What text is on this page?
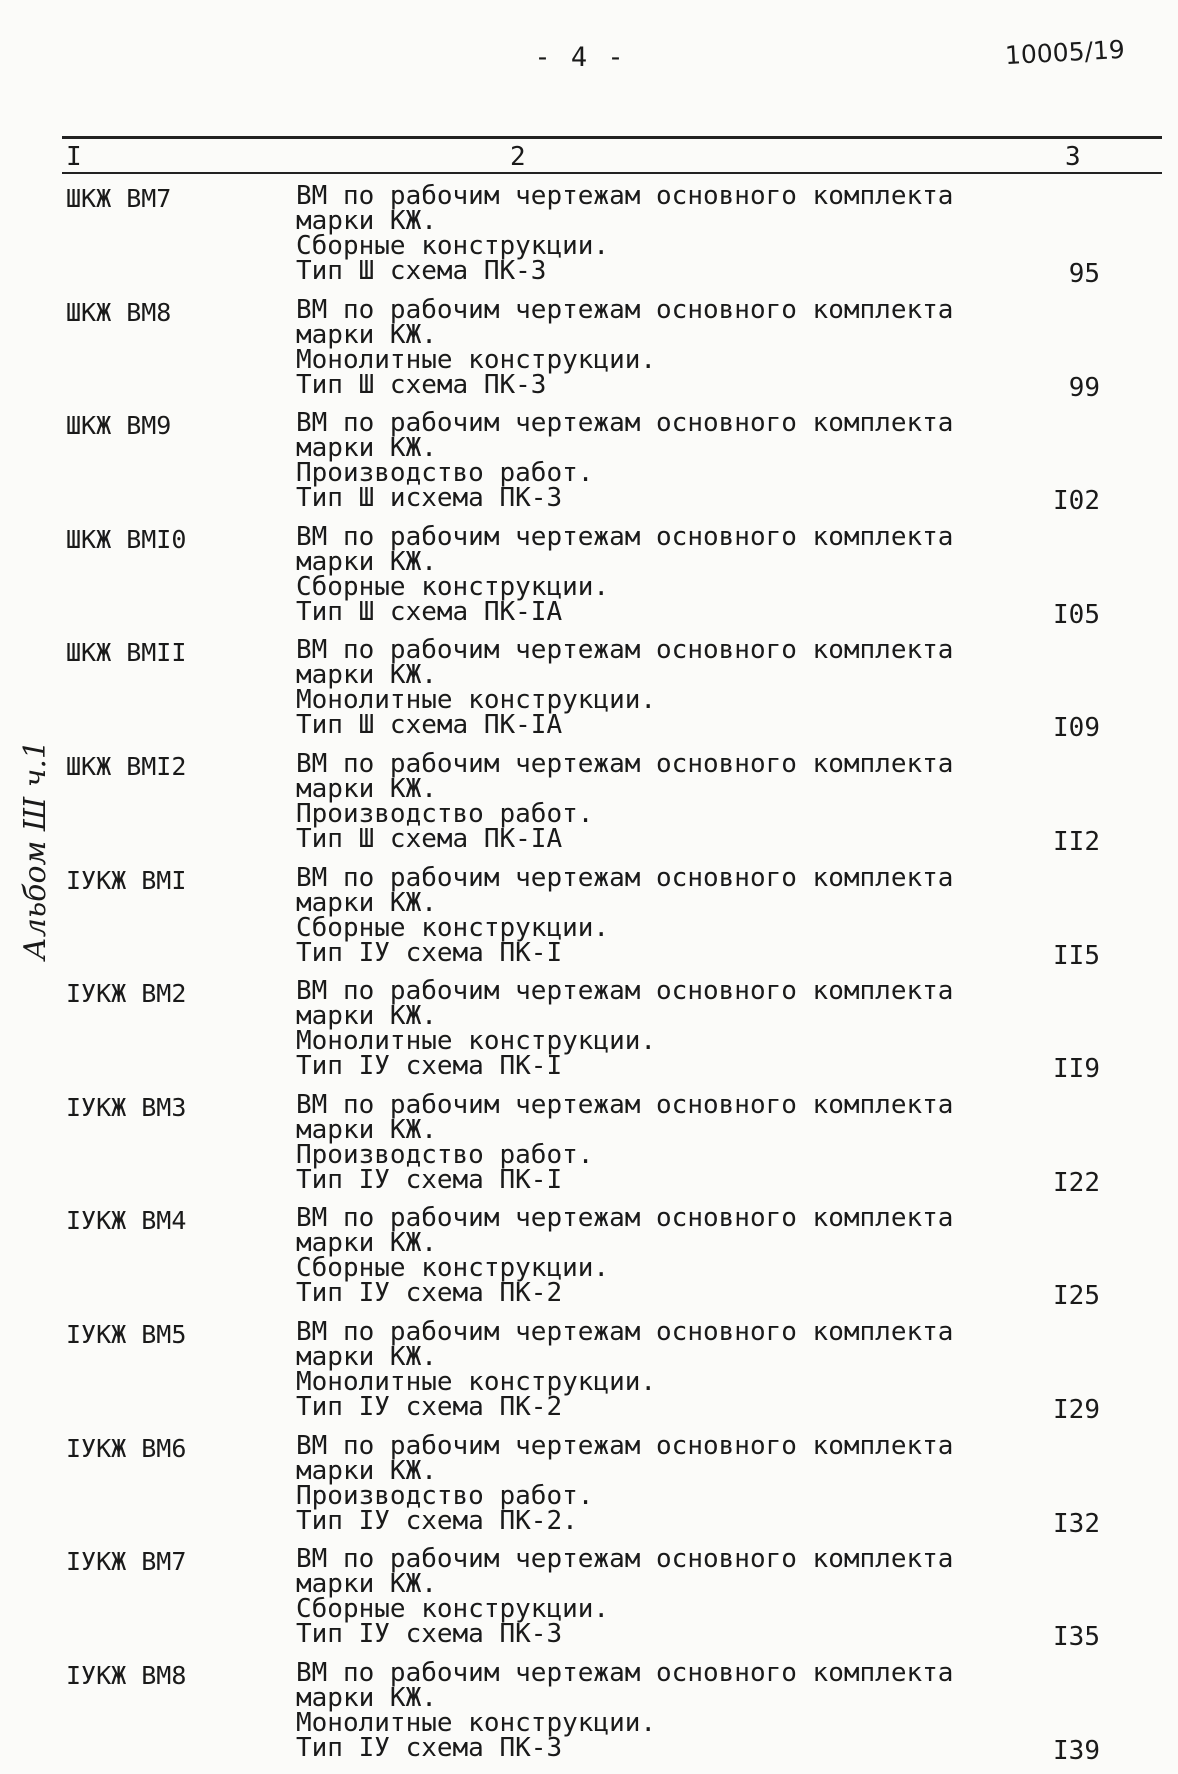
- 4 -	10005/19
Альбом Ш ч.1
I	2	3
ШКЖ ВМ7	ВМ по рабочим чертежам основного комплекта
марки КЖ.
Сборные конструкции.
Тип Ш схема ПК-3	95
ШКЖ ВМ8	ВМ по рабочим чертежам основного комплекта
марки КЖ.
Монолитные конструкции.
Тип Ш схема ПК-3	99
ШКЖ ВМ9	ВМ по рабочим чертежам основного комплекта
марки КЖ.
Производство работ.
Тип Ш исхема ПК-3	I02
ШКЖ ВМI0	ВМ по рабочим чертежам основного комплекта
марки КЖ.
Сборные конструкции.
Тип Ш схема ПК-IА	I05
ШКЖ ВМII	ВМ по рабочим чертежам основного комплекта
марки КЖ.
Монолитные конструкции.
Тип Ш схема ПК-IА	I09
ШКЖ ВМI2	ВМ по рабочим чертежам основного комплекта
марки КЖ.
Производство работ.
Тип Ш схема ПК-IА	II2
IУКЖ ВМI	ВМ по рабочим чертежам основного комплекта
марки КЖ.
Сборные конструкции.
Тип IУ схема ПК-I	II5
IУКЖ ВМ2	ВМ по рабочим чертежам основного комплекта
марки КЖ.
Монолитные конструкции.
Тип IУ схема ПК-I	II9
IУКЖ ВМ3	ВМ по рабочим чертежам основного комплекта
марки КЖ.
Производство работ.
Тип IУ схема ПК-I	I22
IУКЖ ВМ4	ВМ по рабочим чертежам основного комплекта
марки КЖ.
Сборные конструкции.
Тип IУ схема ПК-2	I25
IУКЖ ВМ5	ВМ по рабочим чертежам основного комплекта
марки КЖ.
Монолитные конструкции.
Тип IУ схема ПК-2	I29
IУКЖ ВМ6	ВМ по рабочим чертежам основного комплекта
марки КЖ.
Производство работ.
Тип IУ схема ПК-2.	I32
IУКЖ ВМ7	ВМ по рабочим чертежам основного комплекта
марки КЖ.
Сборные конструкции.
Тип IУ схема ПК-3	I35
IУКЖ ВМ8	ВМ по рабочим чертежам основного комплекта
марки КЖ.
Монолитные конструкции.
Тип IУ схема ПК-3	I39
